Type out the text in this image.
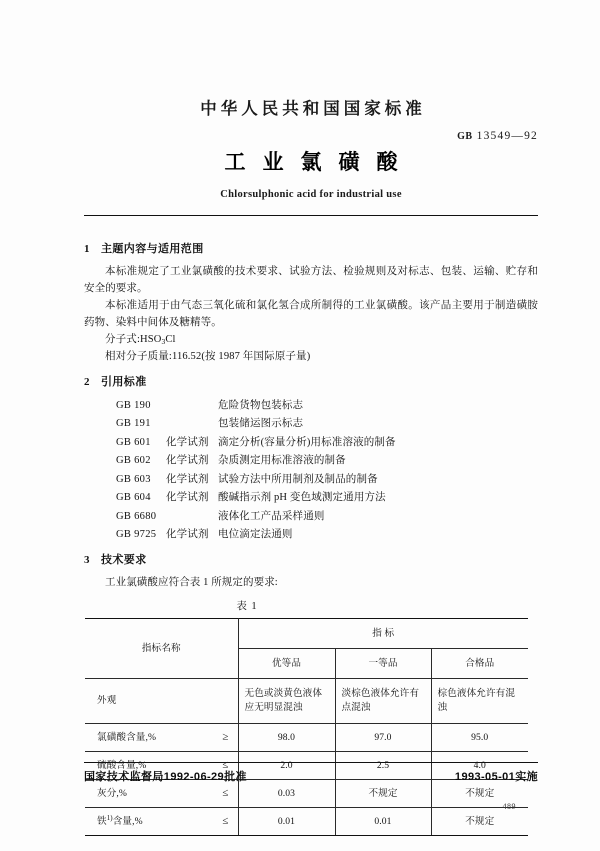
中华人民共和国国家标准
GB 13549—92
工业氯磺酸
Chlorsulphonic acid for industrial use
1 主题内容与适用范围

本标准规定了工业氯磺酸的技术要求、试验方法、检验规则及对标志、包装、运输、贮存和安全的要求。

本标准适用于由气态三氧化硫和氯化氢合成所制得的工业氯磺酸。该产品主要用于制造磺胺药物、染料中间体及糖精等。

分子式$:HSO_3Cl$
相对分子质量:116.52(按 1987 年国际原子量)
2 引用标准
GB 190	危险货物包装标志
GB 191	包装储运图示标志
GB 601 化学试剂 滴定分析(容量分析)用标准溶液的制备
GB 602 化学试剂 杂质测定用标准溶液的制备
GB 603 化学试剂 试验方法中所用制剂及制品的制备
GB 604 化学试剂 酸碱指示剂 pH 变色域测定通用方法
GB 6680	液体化工产品采样通则
GB 9725 化学试剂 电位滴定法通则
3 技术要求

工业氯磺酸应符合表 1 所规定的要求:

表 1
指标名称	指 标		
	优等品	一等品	合格品
外观	无色或淡黄色液体应无明显混浊	淡棕色液体允许有点混浊	棕色液体允许有混浊
氯磺酸含量,% ≥	98.0	97.0	95.0
硫酸含量,% ≤	2.0	2.5	4.0
灰分,% ≤	0.03	不规定	不规定
铁$^{1)}$含量,% ≤	0.01	0.01	不规定
国家技术监督局1992-06-29批准	1993-05-01实施
489
